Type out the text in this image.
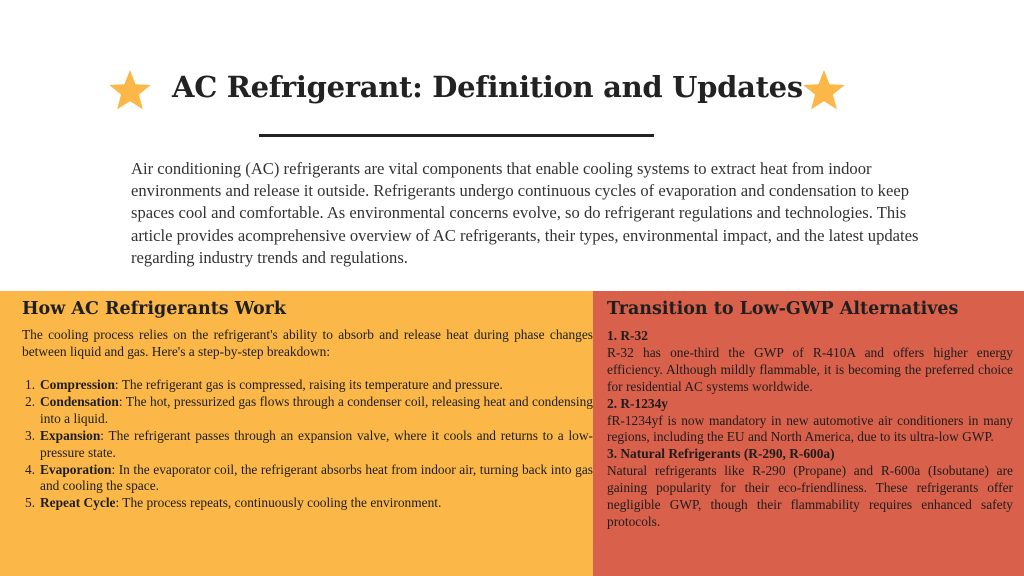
AC Refrigerant: Definition and Updates

Air conditioning (AC) refrigerants are vital components that enable cooling systems to extract heat from indoor environments and release it outside. Refrigerants undergo continuous cycles of evaporation and condensation to keep spaces cool and comfortable. As environmental concerns evolve, so do refrigerant regulations and technologies. This article provides acomprehensive overview of AC refrigerants, their types, environmental impact, and the latest updates regarding industry trends and regulations.

How AC Refrigerants Work

The cooling process relies on the refrigerant's ability to absorb and release heat during phase changes between liquid and gas. Here's a step-by-step breakdown:

1. Compression: The refrigerant gas is compressed, raising its temperature and pressure.
2. Condensation: The hot, pressurized gas flows through a condenser coil, releasing heat and condensing into a liquid.
3. Expansion: The refrigerant passes through an expansion valve, where it cools and returns to a low-pressure state.
4. Evaporation: In the evaporator coil, the refrigerant absorbs heat from indoor air, turning back into gas and cooling the space.
5. Repeat Cycle: The process repeats, continuously cooling the environment.
Transition to Low-GWP Alternatives
1. R-32
R-32 has one-third the GWP of R-410A and offers higher energy efficiency. Although mildly flammable, it is becoming the preferred choice for residential AC systems worldwide.
2. R-1234y
fR-1234yf is now mandatory in new automotive air conditioners in many regions, including the EU and North America, due to its ultra-low GWP.
3. Natural Refrigerants (R-290, R-600a)
Natural refrigerants like R-290 (Propane) and R-600a (Isobutane) are gaining popularity for their eco-friendliness. These refrigerants offer negligible GWP, though their flammability requires enhanced safety protocols.
